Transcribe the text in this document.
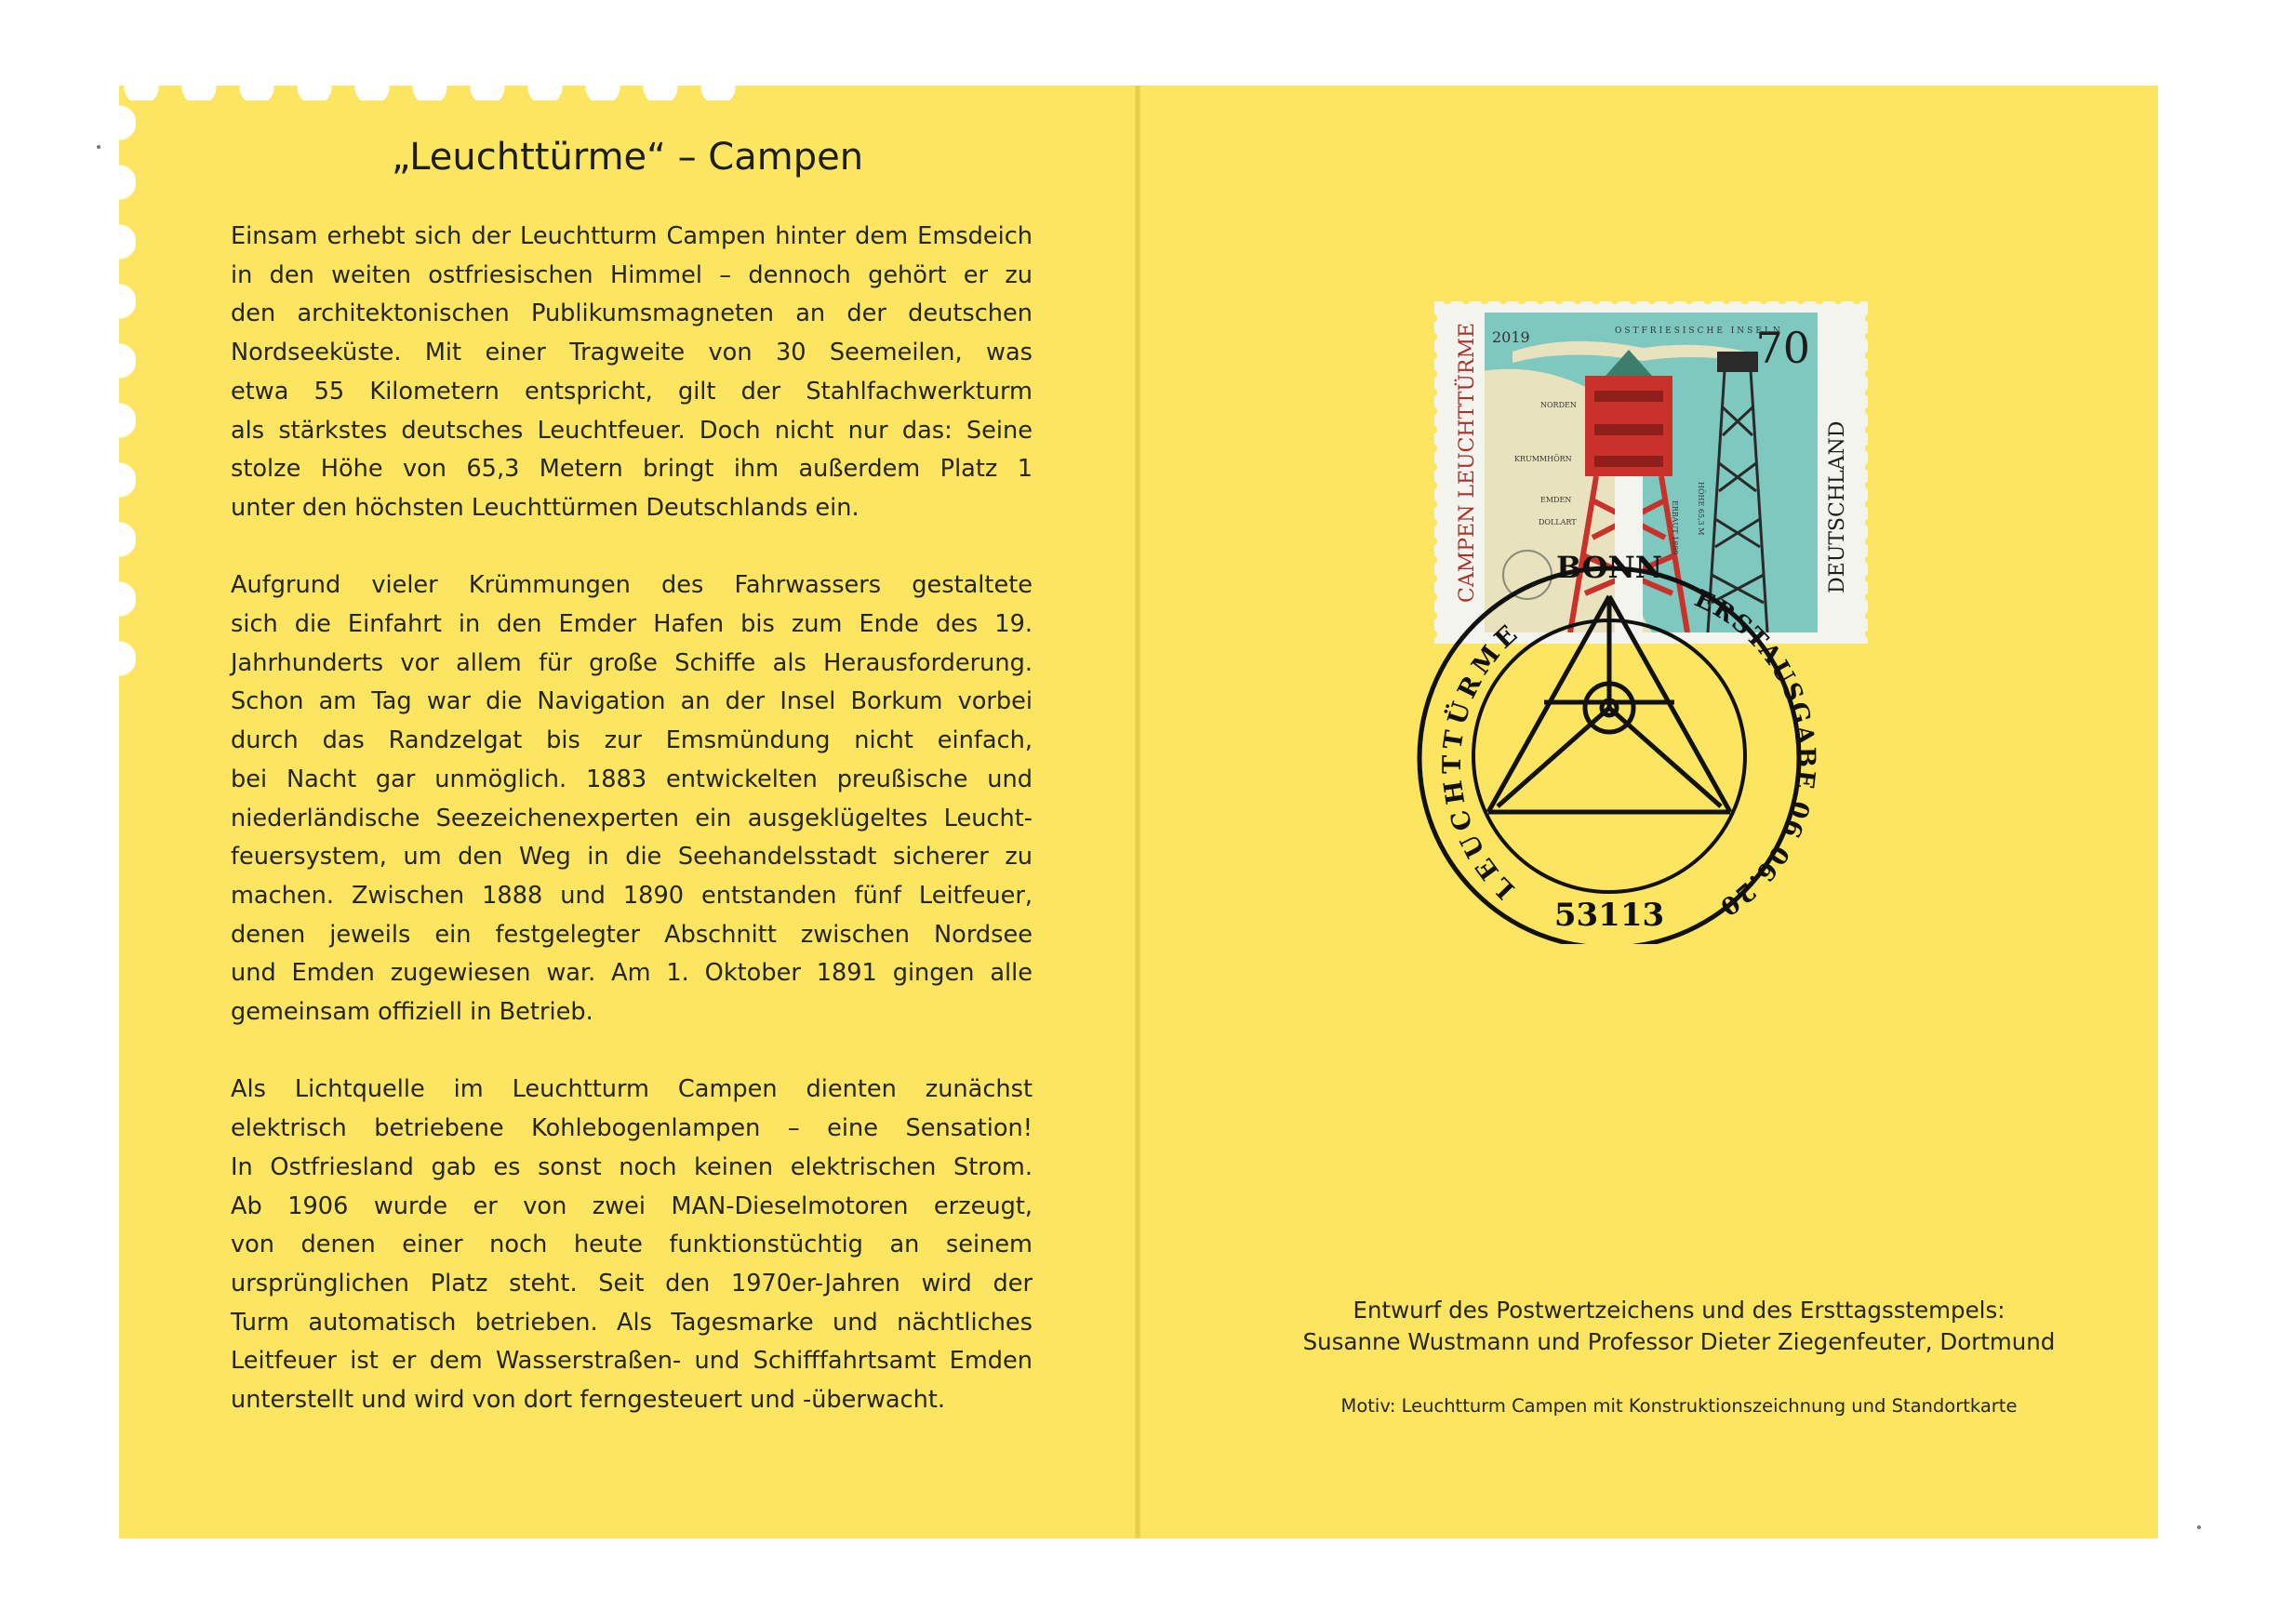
„Leuchttürme“ – Campen

Einsam erhebt sich der Leuchtturm Campen hinter dem Emsdeich

in den weiten ostfriesischen Himmel – dennoch gehört er zu

den architektonischen Publikumsmagneten an der deutschen

Nordseeküste. Mit einer Tragweite von 30 Seemeilen, was

etwa 55 Kilometern entspricht, gilt der Stahlfachwerkturm

als stärkstes deutsches Leuchtfeuer. Doch nicht nur das: Seine

stolze Höhe von 65,3 Metern bringt ihm außerdem Platz 1

unter den höchsten Leuchttürmen Deutschlands ein.

Aufgrund vieler Krümmungen des Fahrwassers gestaltete

sich die Einfahrt in den Emder Hafen bis zum Ende des 19.

Jahrhunderts vor allem für große Schiffe als Herausforderung.

Schon am Tag war die Navigation an der Insel Borkum vorbei

durch das Randzelgat bis zur Emsmündung nicht einfach,

bei Nacht gar unmöglich. 1883 entwickelten preußische und

niederländische Seezeichenexperten ein ausgeklügeltes Leucht-

feuersystem, um den Weg in die Seehandelsstadt sicherer zu

machen. Zwischen 1888 und 1890 entstanden fünf Leitfeuer,

denen jeweils ein festgelegter Abschnitt zwischen Nordsee

und Emden zugewiesen war. Am 1. Oktober 1891 gingen alle

gemeinsam offiziell in Betrieb.

Als Lichtquelle im Leuchtturm Campen dienten zunächst

elektrisch betriebene Kohlebogenlampen – eine Sensation!

In Ostfriesland gab es sonst noch keinen elektrischen Strom.

Ab 1906 wurde er von zwei MAN-Dieselmotoren erzeugt,

von denen einer noch heute funktionstüchtig an seinem

ursprünglichen Platz steht. Seit den 1970er-Jahren wird der

Turm automatisch betrieben. Als Tagesmarke und nächtliches

Leitfeuer ist er dem Wasserstraßen- und Schifffahrtsamt Emden

unterstellt und wird von dort ferngesteuert und -überwacht.

2019	70
CAMPEN LEUCHTTÜRME	DEUTSCHLAND
OSTFRIESISCHE INSELN
NORDEN
KRUMMHÖRN
EMDEN
DOLLART	HÖHE 65,3 M
ERBAUT 1889
BONN
LEUCHTTÜRME
ERSTAUSGABE 06.06.20
53113
Entwurf des Postwertzeichens und des Ersttagsstempels:
Susanne Wustmann und Professor Dieter Ziegenfeuter, Dortmund
Motiv: Leuchtturm Campen mit Konstruktionszeichnung und Standortkarte
